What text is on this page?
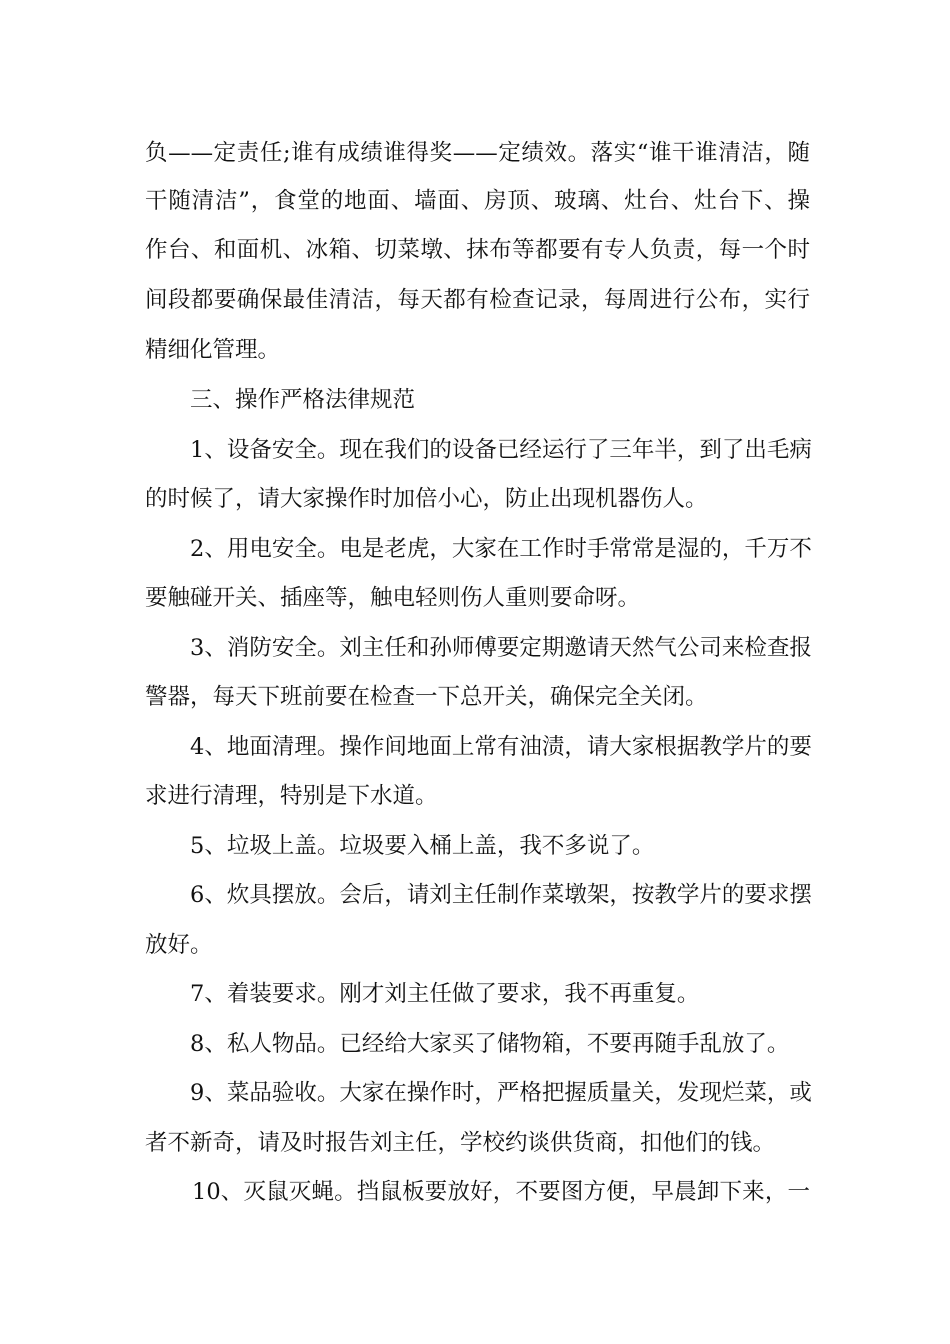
负——定责任;谁有成绩谁得奖——定绩效。落实“谁干谁清洁，随
干随清洁”，食堂的地面、墙面、房顶、玻璃、灶台、灶台下、操
作台、和面机、冰箱、切菜墩、抹布等都要有专人负责，每一个时
间段都要确保最佳清洁，每天都有检查记录，每周进行公布，实行
精细化管理。
三、操作严格法律规范
1、设备安全。现在我们的设备已经运行了三年半，到了出毛病
的时候了，请大家操作时加倍小心，防止出现机器伤人。
2、用电安全。电是老虎，大家在工作时手常常是湿的，千万不
要触碰开关、插座等，触电轻则伤人重则要命呀。
3、消防安全。刘主任和孙师傅要定期邀请天然气公司来检查报
警器，每天下班前要在检查一下总开关，确保完全关闭。
4、地面清理。操作间地面上常有油渍，请大家根据教学片的要
求进行清理，特别是下水道。
5、垃圾上盖。垃圾要入桶上盖，我不多说了。
6、炊具摆放。会后，请刘主任制作菜墩架，按教学片的要求摆
放好。
7、着装要求。刚才刘主任做了要求，我不再重复。
8、私人物品。已经给大家买了储物箱，不要再随手乱放了。
9、菜品验收。大家在操作时，严格把握质量关，发现烂菜，或
者不新奇，请及时报告刘主任，学校约谈供货商，扣他们的钱。
10、灭鼠灭蝇。挡鼠板要放好，不要图方便，早晨卸下来，一
